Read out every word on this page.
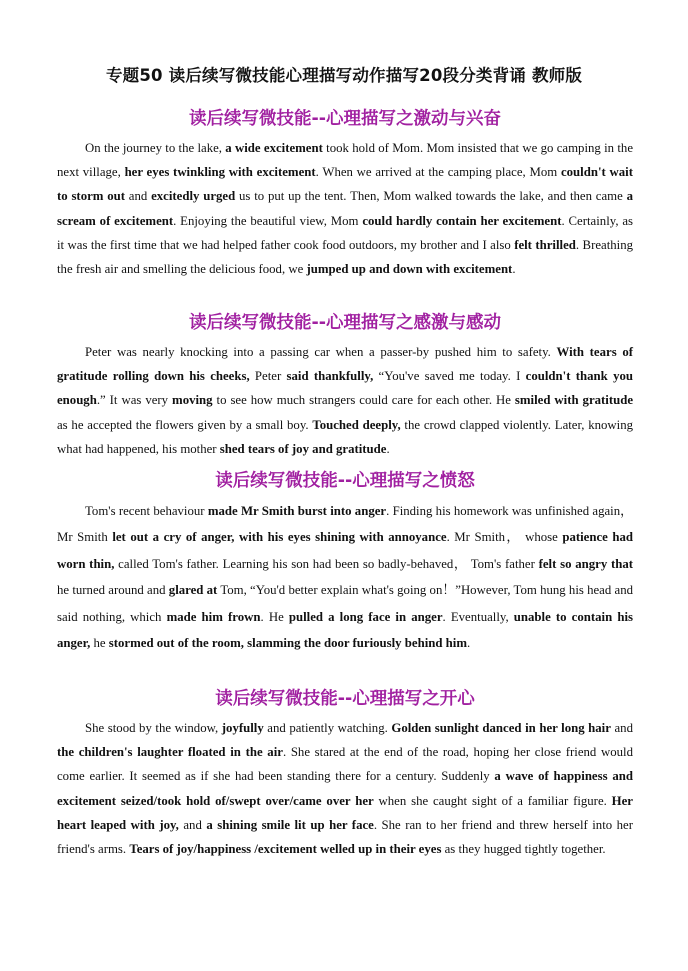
专题50 读后续写微技能心理描写动作描写20段分类背诵 教师版
读后续写微技能--心理描写之激动与兴奋

On the journey to the lake, a wide excitement took hold of Mom. Mom insisted that we go camping in the next village, her eyes twinkling with excitement. When we arrived at the camping place, Mom couldn't wait to storm out and excitedly urged us to put up the tent. Then, Mom walked towards the lake, and then came a scream of excitement. Enjoying the beautiful view, Mom could hardly contain her excitement. Certainly, as it was the first time that we had helped father cook food outdoors, my brother and I also felt thrilled. Breathing the fresh air and smelling the delicious food, we jumped up and down with excitement.

读后续写微技能--心理描写之感激与感动

Peter was nearly knocking into a passing car when a passer-by pushed him to safety. With tears of gratitude rolling down his cheeks, Peter said thankfully, “You've saved me today. I couldn't thank you enough.” It was very moving to see how much strangers could care for each other. He smiled with gratitude as he accepted the flowers given by a small boy. Touched deeply, the crowd clapped violently. Later, knowing what had happened, his mother shed tears of joy and gratitude.

读后续写微技能--心理描写之愤怒

Tom's recent behaviour made Mr Smith burst into anger. Finding his homework was unfinished again， Mr Smith let out a cry of anger, with his eyes shining with annoyance. Mr Smith， whose patience had worn thin, called Tom's father. Learning his son had been so badly-behaved， Tom's father felt so angry that he turned around and glared at Tom, “You'd better explain what's going on！”However, Tom hung his head and said nothing, which made him frown. He pulled a long face in anger. Eventually, unable to contain his anger, he stormed out of the room, slamming the door furiously behind him.

读后续写微技能--心理描写之开心

She stood by the window, joyfully and patiently watching. Golden sunlight danced in her long hair and the children's laughter floated in the air. She stared at the end of the road, hoping her close friend would come earlier. It seemed as if she had been standing there for a century. Suddenly a wave of happiness and excitement seized/took hold of/swept over/came over her when she caught sight of a familiar figure. Her heart leaped with joy, and a shining smile lit up her face. She ran to her friend and threw herself into her friend's arms. Tears of joy/happiness /excitement welled up in their eyes as they hugged tightly together.
